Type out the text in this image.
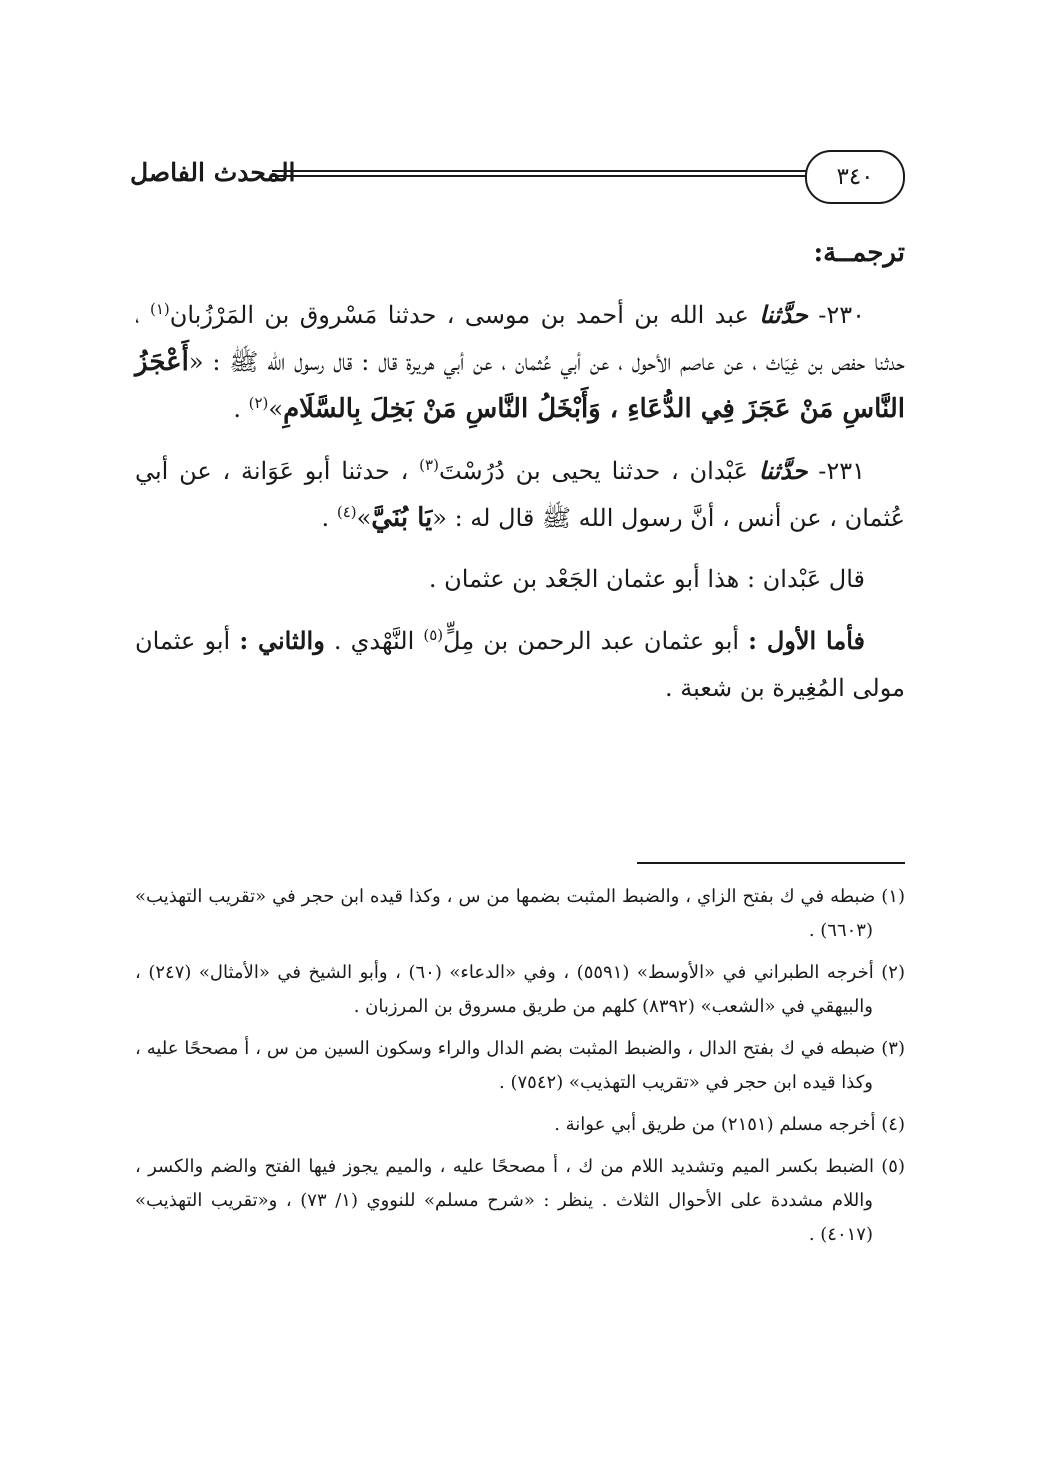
٣٤٠
المحدث الفاصل
ترجمــة:

٢٣٠- حدَّثنا عبد الله بن أحمد بن موسى ، حدثنا مَسْروق بن المَرْزُبان$^{(١)}$ ، حدثنا حفص بن غِيَاث ، عن عاصم الأحول ، عن أبي عُثمان ، عن أبي هريرة قال : قال رسول الله ﷺ : «أَعْجَزُ النَّاسِ مَنْ عَجَزَ فِي الدُّعَاءِ ، وَأَبْخَلُ النَّاسِ مَنْ بَخِلَ بِالسَّلَامِ»$^{(٢)}$ .

٢٣١- حدَّثنا عَبْدان ، حدثنا يحيى بن دُرُسْتَ$^{(٣)}$ ، حدثنا أبو عَوَانة ، عن أبي عُثمان ، عن أنس ، أنَّ رسول الله ﷺ قال له : «يَا بُنَيَّ»$^{(٤)}$ .

قال عَبْدان : هذا أبو عثمان الجَعْد بن عثمان .

فأما الأول : أبو عثمان عبد الرحمن بن مِلٍّ$^{(٥)}$ النَّهْدي . والثاني : أبو عثمان مولى المُغِيرة بن شعبة .

(١) ضبطه في ك بفتح الزاي ، والضبط المثبت بضمها من س ، وكذا قيده ابن حجر في «تقريب التهذيب» (٦٦٠٣) .

(٢) أخرجه الطبراني في «الأوسط» (٥٥٩١) ، وفي «الدعاء» (٦٠) ، وأبو الشيخ في «الأمثال» (٢٤٧) ، والبيهقي في «الشعب» (٨٣٩٢) كلهم من طريق مسروق بن المرزبان .

(٣) ضبطه في ك بفتح الدال ، والضبط المثبت بضم الدال والراء وسكون السين من س ، أ مصححًا عليه ، وكذا قيده ابن حجر في «تقريب التهذيب» (٧٥٤٢) .

(٤) أخرجه مسلم (٢١٥١) من طريق أبي عوانة .

(٥) الضبط بكسر الميم وتشديد اللام من ك ، أ مصححًا عليه ، والميم يجوز فيها الفتح والضم والكسر ، واللام مشددة على الأحوال الثلاث . ينظر : «شرح مسلم» للنووي (١/ ٧٣) ، و«تقريب التهذيب» (٤٠١٧) .
